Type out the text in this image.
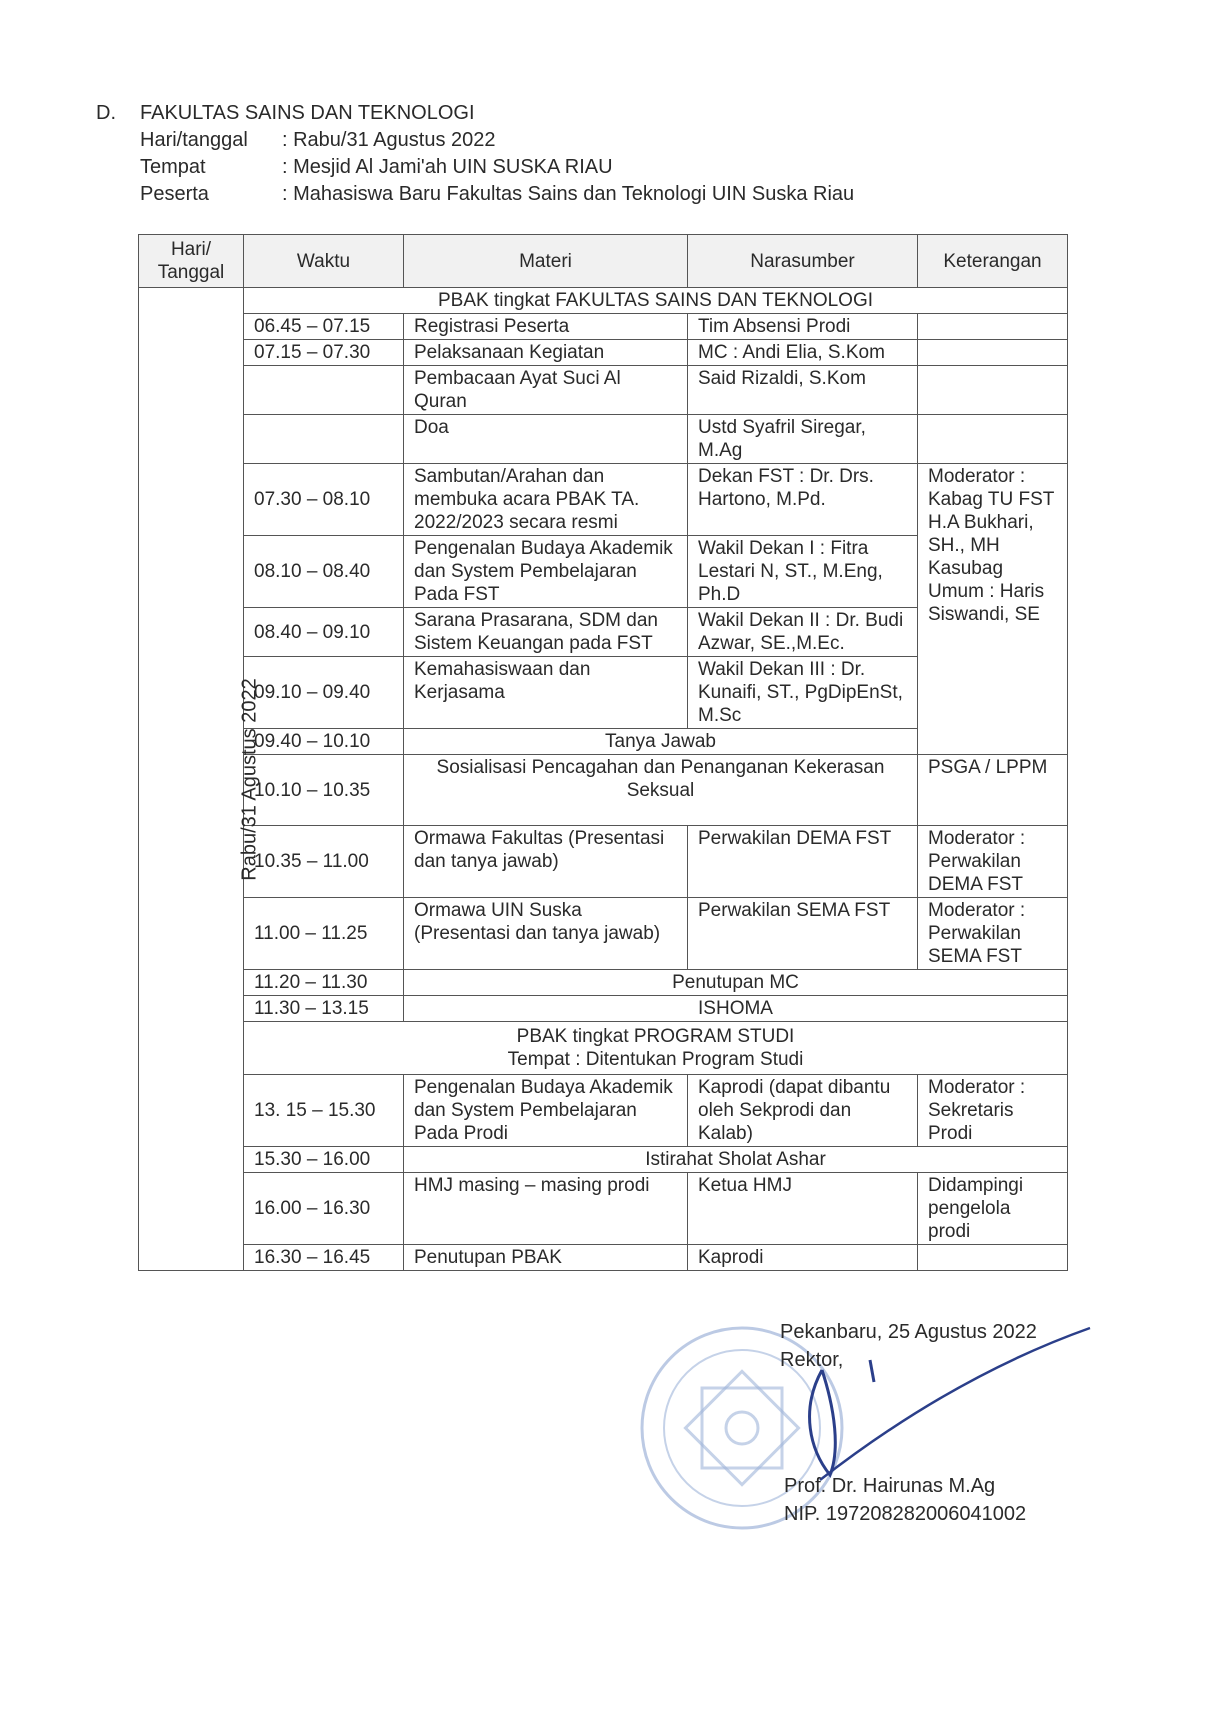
D.	FAKULTAS SAINS DAN TEKNOLOGI
Hari/tanggal	: Rabu/31 Agustus 2022
Tempat	: Mesjid Al Jami'ah UIN SUSKA RIAU
Peserta	: Mahasiswa Baru Fakultas Sains dan Teknologi UIN Suska Riau
Hari/ Tanggal	Waktu	Materi	Narasumber	Keterangan
Rabu/31 Agustus 2022	PBAK tingkat FAKULTAS SAINS DAN TEKNOLOGI			
	06.45 – 07.15	Registrasi Peserta	Tim Absensi Prodi	
	07.15 – 07.30	Pelaksanaan Kegiatan	MC : Andi Elia, S.Kom	
		Pembacaan Ayat Suci Al Quran	Said Rizaldi, S.Kom	
		Doa	Ustd Syafril Siregar, M.Ag	
	07.30 – 08.10	Sambutan/Arahan dan membuka acara PBAK TA. 2022/2023 secara resmi	Dekan FST : Dr. Drs. Hartono, M.Pd.	Moderator : Kabag TU FST H.A Bukhari, SH., MH Kasubag Umum : Haris Siswandi, SE
	08.10 – 08.40	Pengenalan Budaya Akademik dan System Pembelajaran Pada FST	Wakil Dekan I : Fitra Lestari N, ST., M.Eng, Ph.D	
	08.40 – 09.10	Sarana Prasarana, SDM dan Sistem Keuangan pada FST	Wakil Dekan II : Dr. Budi Azwar, SE.,M.Ec.	
	09.10 – 09.40	Kemahasiswaan dan Kerjasama	Wakil Dekan III : Dr. Kunaifi, ST., PgDipEnSt, M.Sc	
	09.40 – 10.10	Tanya Jawab		
	10.10 – 10.35	Sosialisasi Pencagahan dan Penanganan Kekerasan Seksual		PSGA / LPPM
	10.35 – 11.00	Ormawa Fakultas (Presentasi dan tanya jawab)	Perwakilan DEMA FST	Moderator : Perwakilan DEMA FST
	11.00 – 11.25	Ormawa UIN Suska (Presentasi dan tanya jawab)	Perwakilan SEMA FST	Moderator : Perwakilan SEMA FST
	11.20 – 11.30	Penutupan MC		
	11.30 – 13.15	ISHOMA		

	PBAK tingkat PROGRAM STUDI
Tempat : Ditentukan Program Studi			

	13. 15 – 15.30	Pengenalan Budaya Akademik dan System Pembelajaran Pada Prodi	Kaprodi (dapat dibantu oleh Sekprodi dan Kalab)	Moderator : Sekretaris Prodi
	15.30 – 16.00	Istirahat Sholat Ashar		
	16.00 – 16.30	HMJ masing – masing prodi	Ketua HMJ	Didampingi pengelola prodi
	16.30 – 16.45	Penutupan PBAK	Kaprodi	
Pekanbaru, 25 Agustus 2022
Rektor,
Prof. Dr. Hairunas M.Ag
NIP. 197208282006041002
